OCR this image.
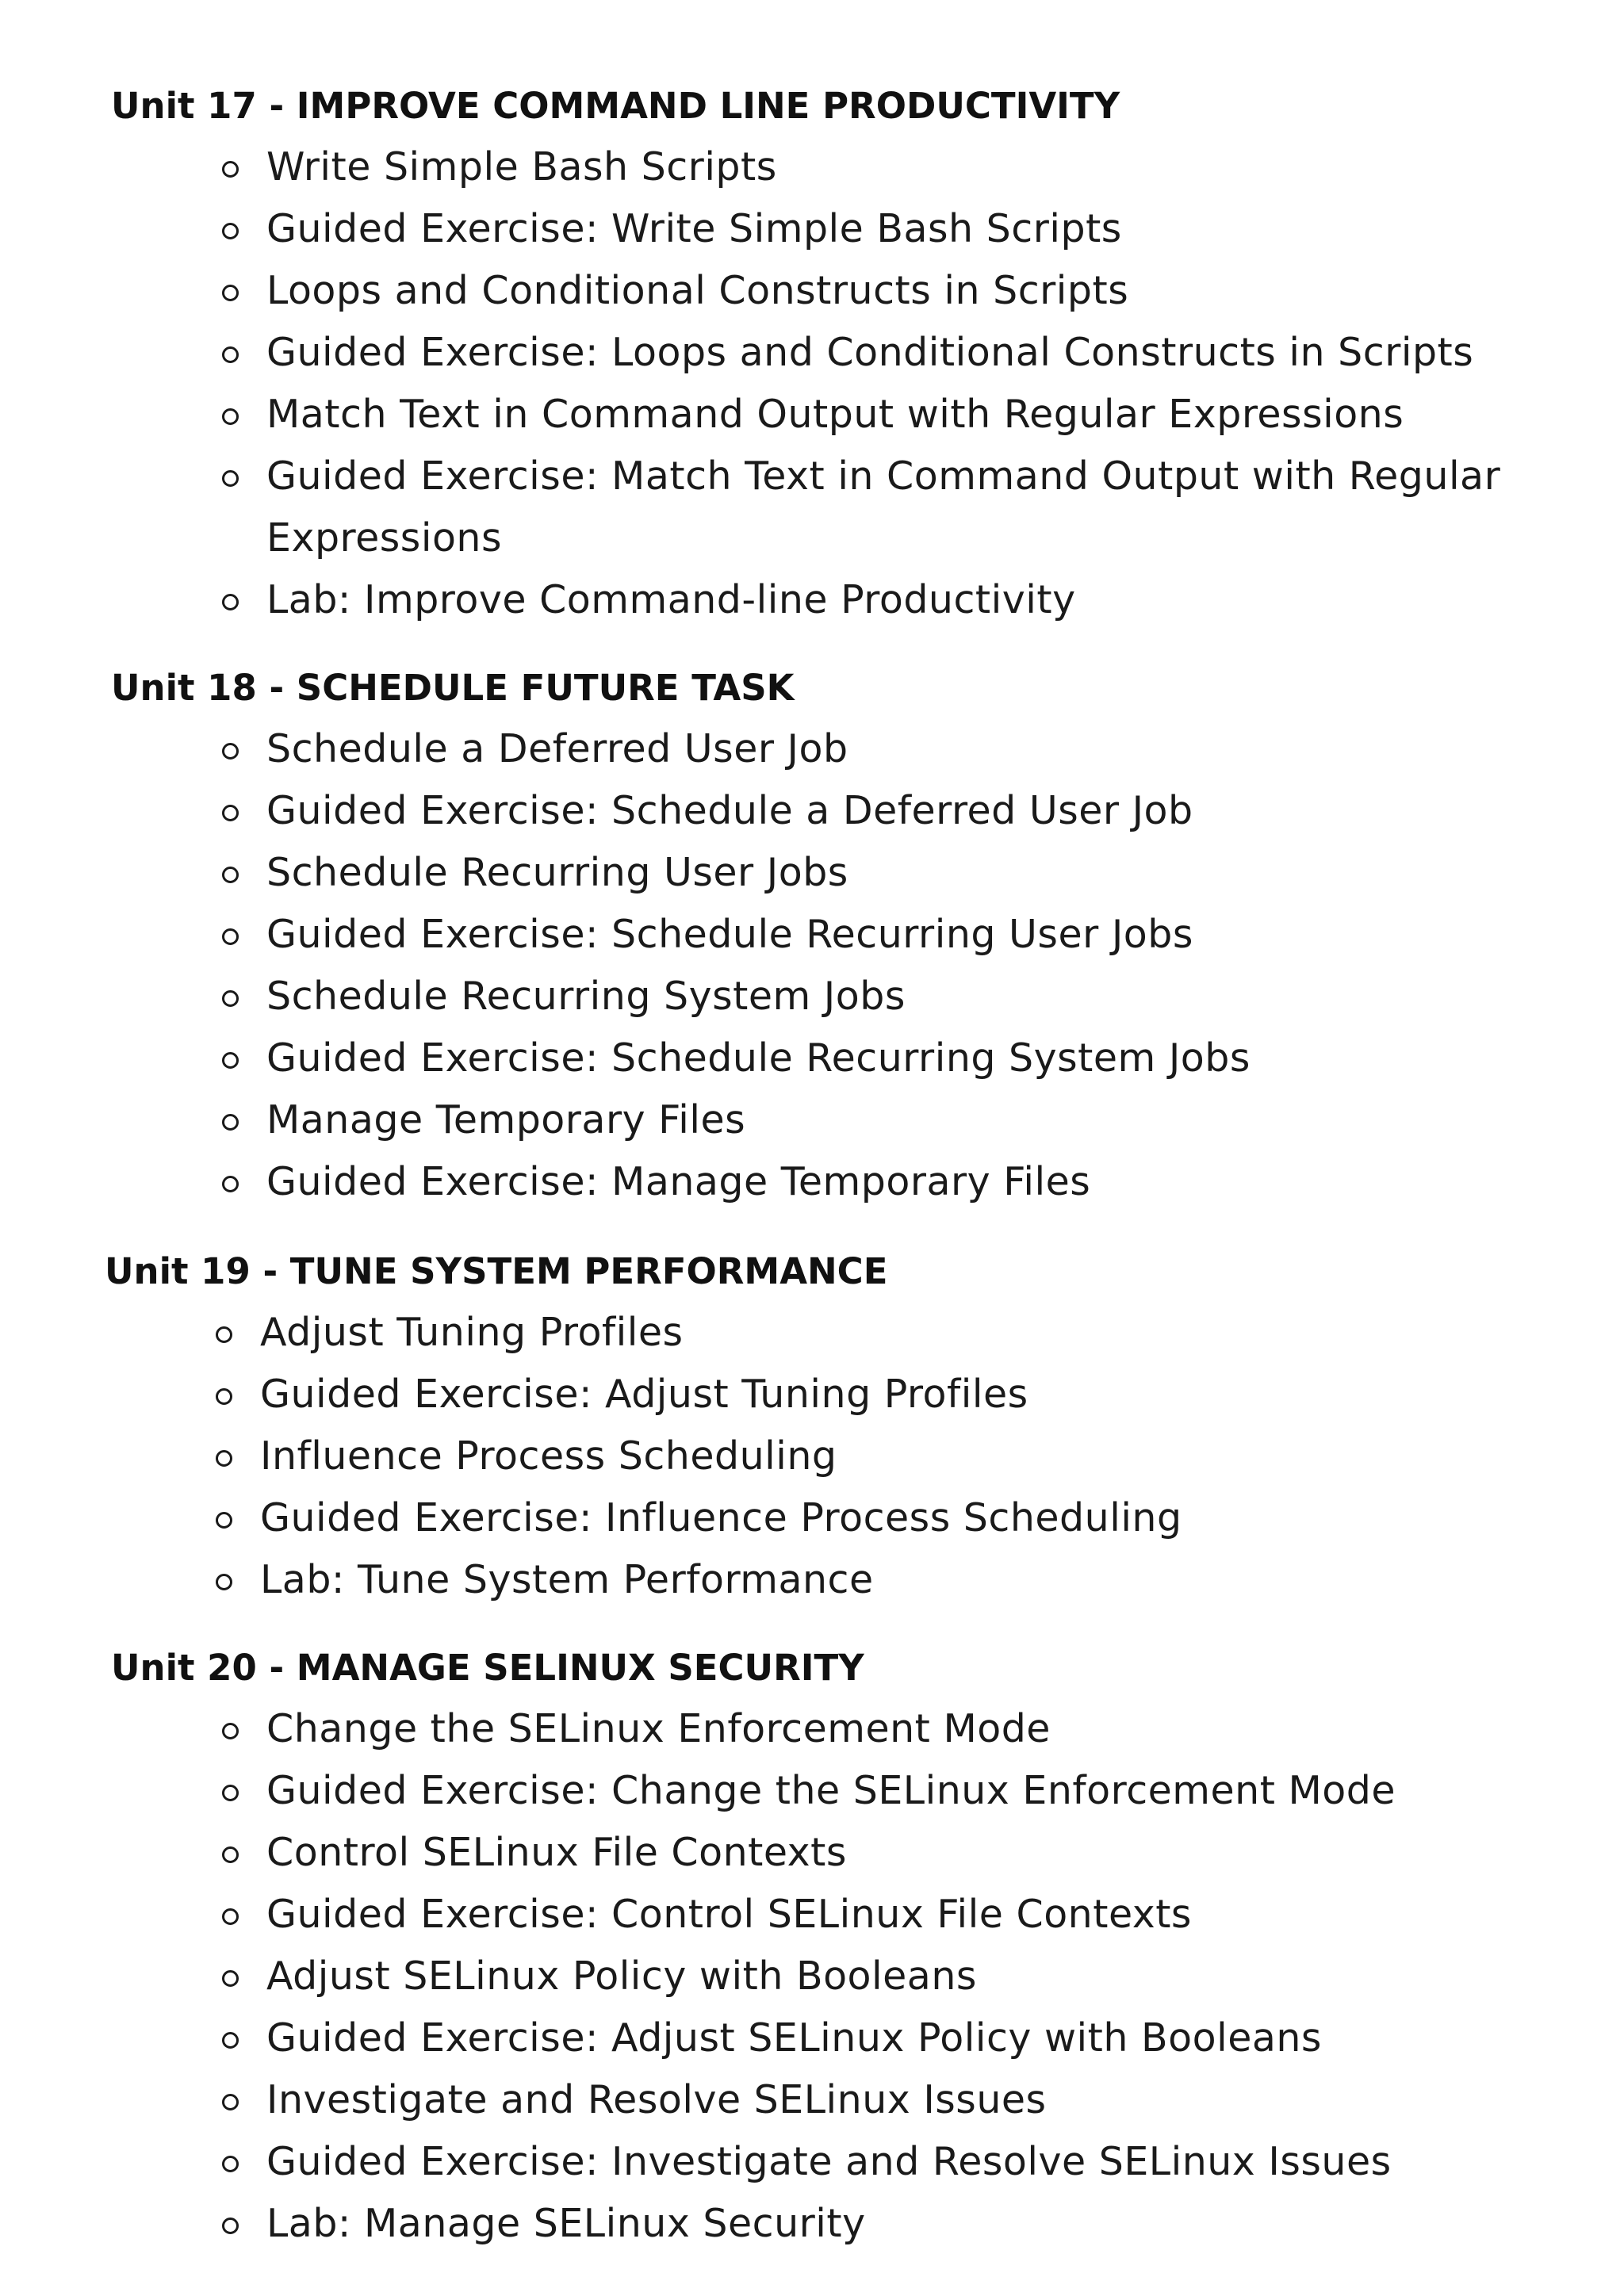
Unit 17 - IMPROVE COMMAND LINE PRODUCTIVITY
Write Simple Bash Scripts
Guided Exercise: Write Simple Bash Scripts
Loops and Conditional Constructs in Scripts
Guided Exercise: Loops and Conditional Constructs in Scripts
Match Text in Command Output with Regular Expressions
Guided Exercise: Match Text in Command Output with Regular Expressions
Lab: Improve Command-line Productivity
Unit 18 - SCHEDULE FUTURE TASK
Schedule a Deferred User Job
Guided Exercise: Schedule a Deferred User Job
Schedule Recurring User Jobs
Guided Exercise: Schedule Recurring User Jobs
Schedule Recurring System Jobs
Guided Exercise: Schedule Recurring System Jobs
Manage Temporary Files
Guided Exercise: Manage Temporary Files
Unit 19 - TUNE SYSTEM PERFORMANCE
Adjust Tuning Profiles
Guided Exercise: Adjust Tuning Profiles
Influence Process Scheduling
Guided Exercise: Influence Process Scheduling
Lab: Tune System Performance
Unit 20 - MANAGE SELINUX SECURITY
Change the SELinux Enforcement Mode
Guided Exercise: Change the SELinux Enforcement Mode
Control SELinux File Contexts
Guided Exercise: Control SELinux File Contexts
Adjust SELinux Policy with Booleans
Guided Exercise: Adjust SELinux Policy with Booleans
Investigate and Resolve SELinux Issues
Guided Exercise: Investigate and Resolve SELinux Issues
Lab: Manage SELinux Security
